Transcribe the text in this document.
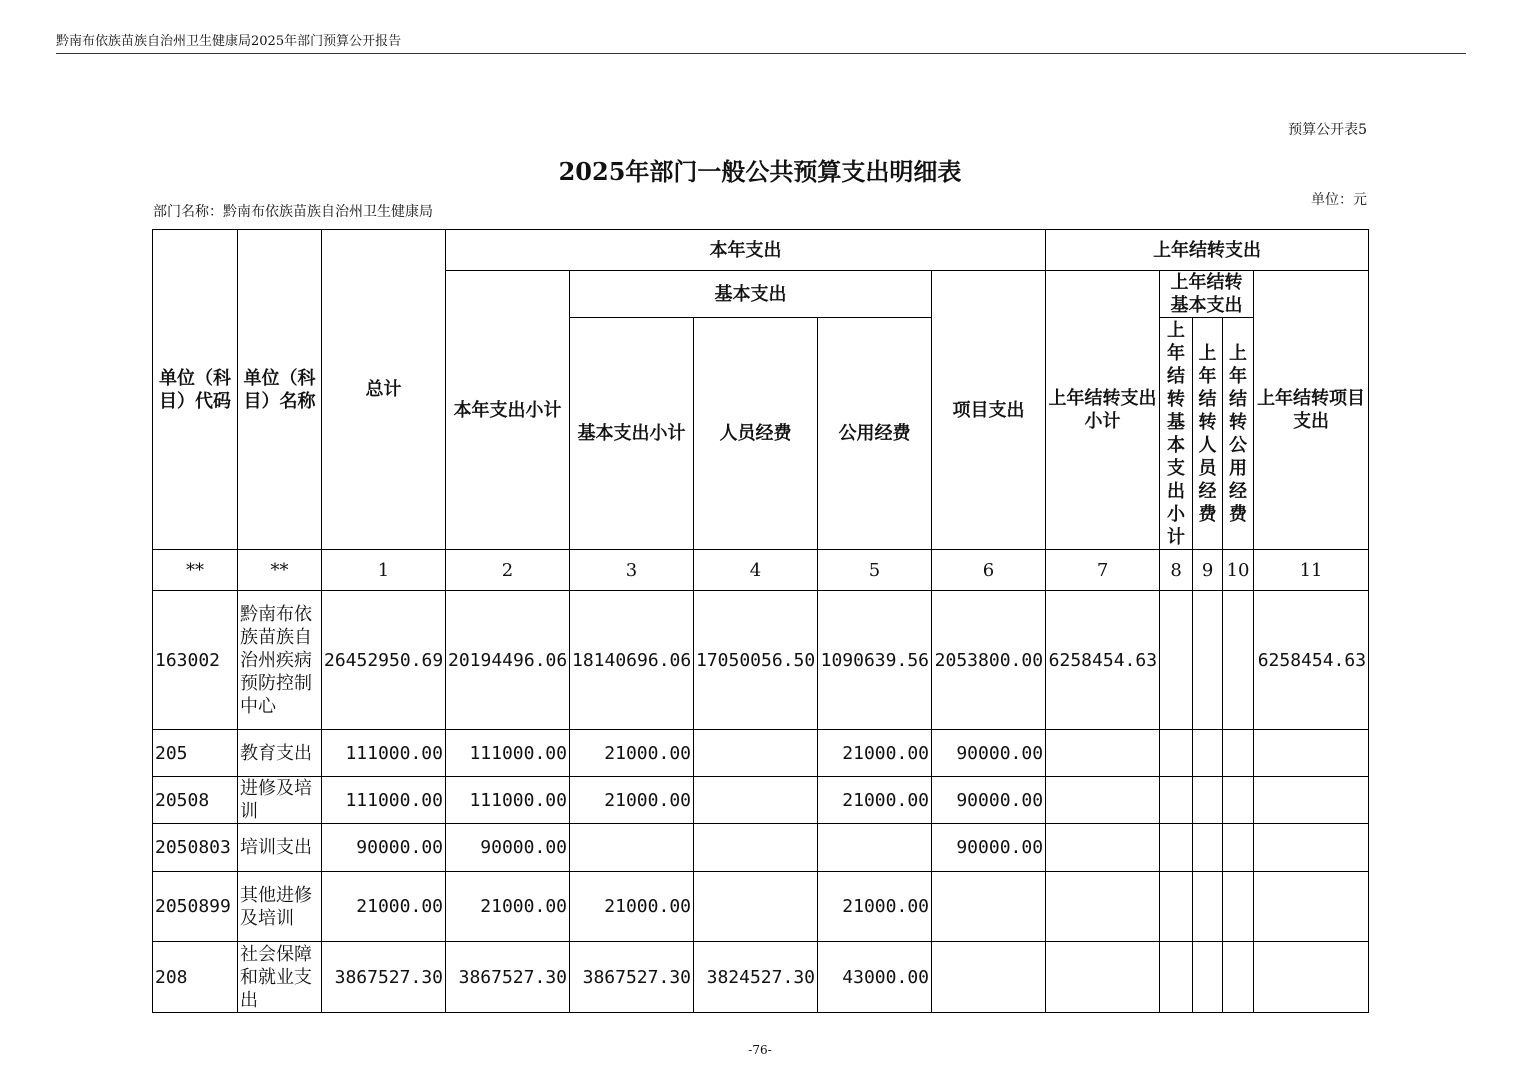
黔南布依族苗族自治州卫生健康局2025年部门预算公开报告
预算公开表5
2025年部门一般公共预算支出明细表
单位：元
部门名称：黔南布依族苗族自治州卫生健康局
单位（科目）代码	单位（科目）名称	总计	本年支出					上年结转支出				
			本年支出小计	基本支出			项目支出	上年结转支出小计	上年结转基本支出			上年结转项目支出
				基本支出小计	人员经费	公用经费			上年结转基本支出小计	上年结转人员经费	上年结转公用经费	
**	**	1	2	3	4	5	6	7	8	9	10	11
163002	黔南布依族苗族自治州疾病预防控制中心	26452950.69	20194496.06	18140696.06	17050056.50	1090639.56	2053800.00	6258454.63				6258454.63
205	教育支出	111000.00	111000.00	21000.00		21000.00	90000.00					
20508	进修及培训	111000.00	111000.00	21000.00		21000.00	90000.00					
2050803	培训支出	90000.00	90000.00				90000.00					
2050899	其他进修及培训	21000.00	21000.00	21000.00		21000.00						
208	社会保障和就业支出	3867527.30	3867527.30	3867527.30	3824527.30	43000.00						
-76-
